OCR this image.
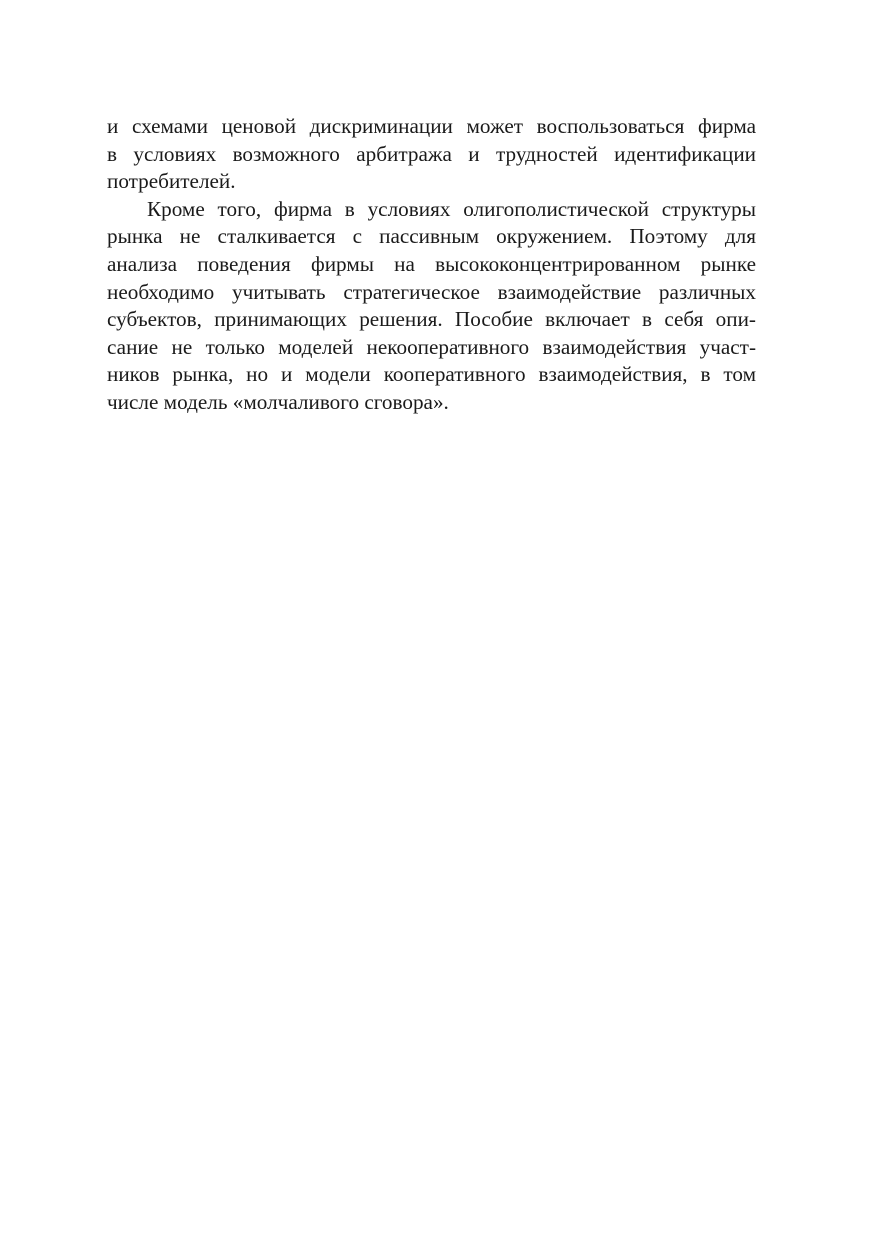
и схемами ценовой дискриминации может воспользоваться фирма
в условиях возможного арбитража и трудностей идентификации
потребителей.
Кроме того, фирма в условиях олигополистической структуры
рынка не сталкивается с пассивным окружением. Поэтому для
анализа поведения фирмы на высококонцентрированном рынке
необходимо учитывать стратегическое взаимодействие различных
субъектов, принимающих решения. Пособие включает в себя опи-
сание не только моделей некооперативного взаимодействия участ-
ников рынка, но и модели кооперативного взаимодействия, в том
числе модель «молчаливого сговора».
